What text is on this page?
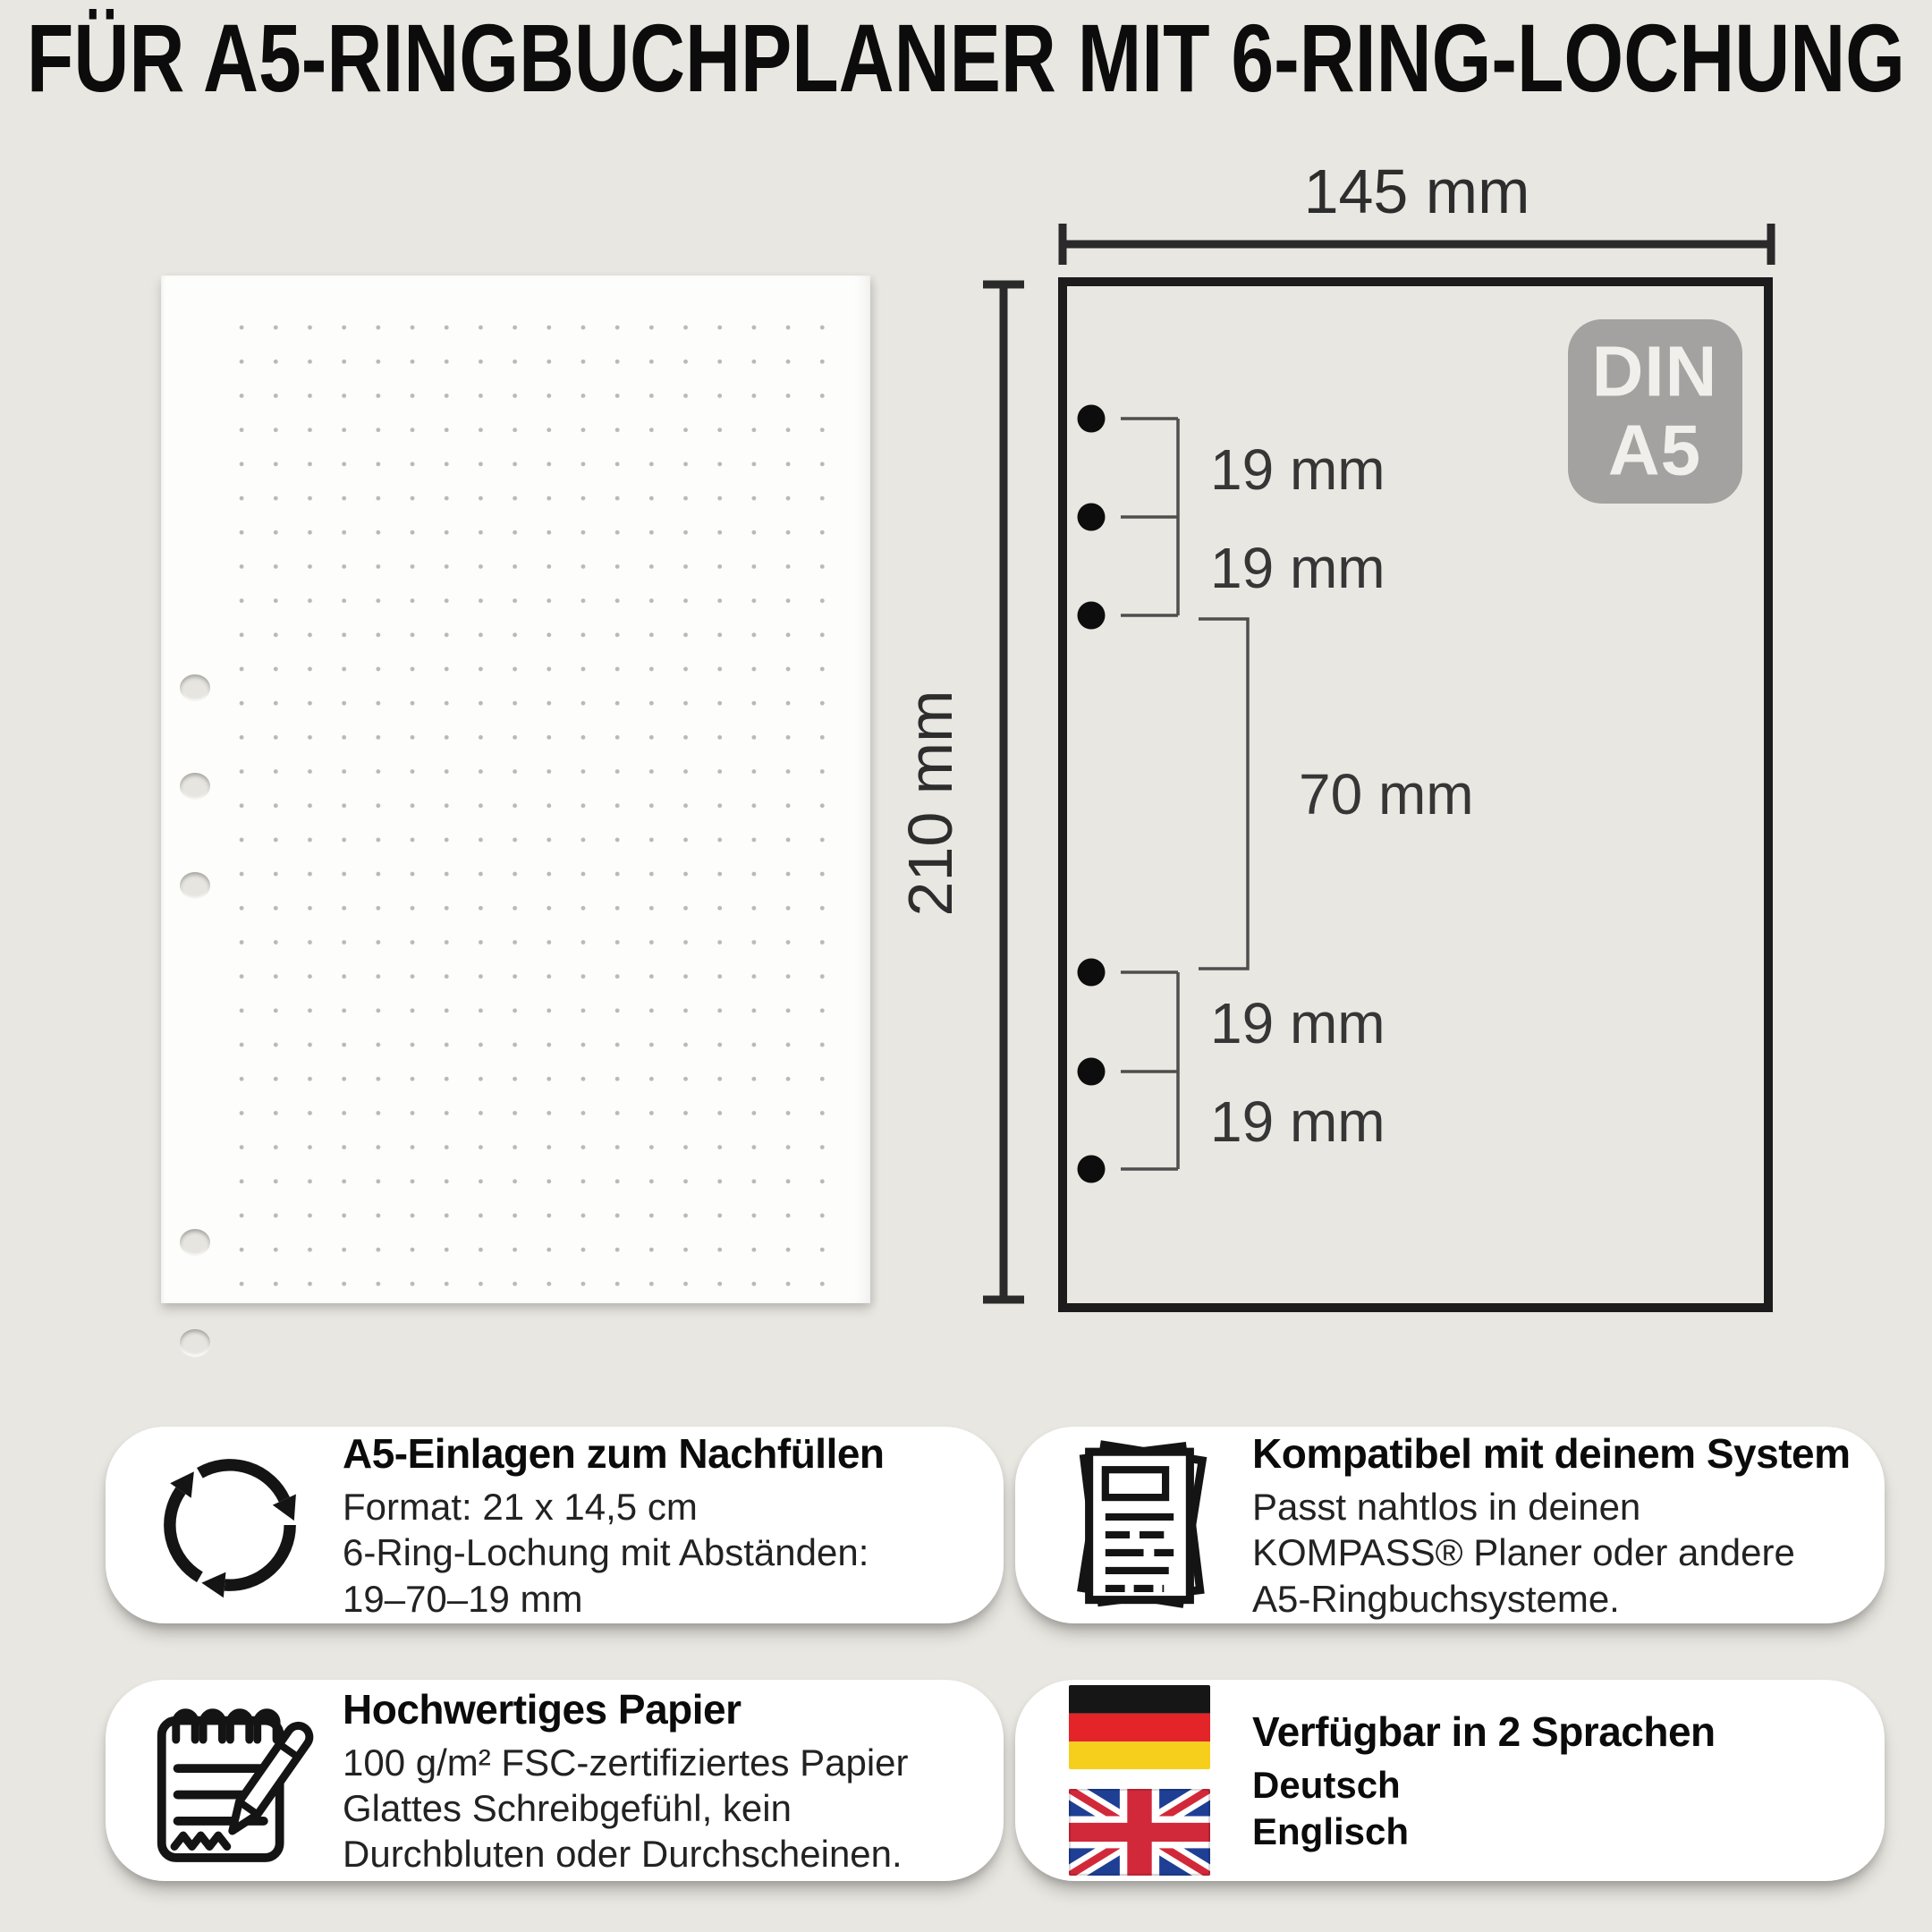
FÜR A5-RINGBUCHPLANER MIT 6-RING-LOCHUNG
145 mm
210 mm
DIN
A5
19 mm
19 mm
70 mm
19 mm
19 mm
A5-Einlagen zum Nachfüllen
Format: 21 x 14,5 cm
6-Ring-Lochung mit Abständen:
19–70–19 mm
Kompatibel mit deinem System
Passt nahtlos in deinen
KOMPASS® Planer oder andere
A5-Ringbuchsysteme.
Hochwertiges Papier
100 g/m² FSC-zertifiziertes Papier
Glattes Schreibgefühl, kein
Durchbluten oder Durchscheinen.
Verfügbar in 2 Sprachen
Deutsch
Englisch
